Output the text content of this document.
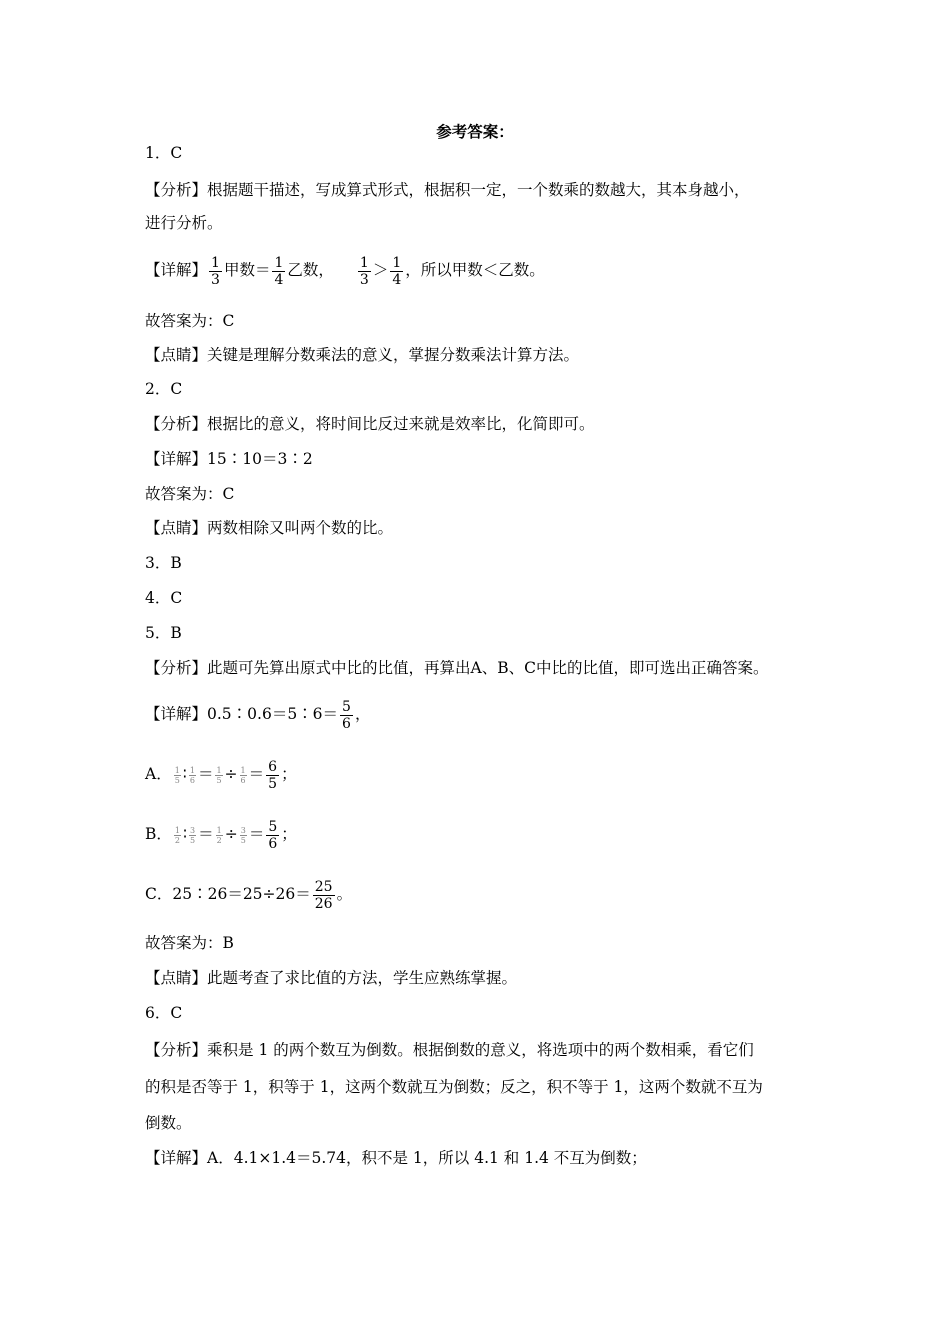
参考答案：
1．C
【分析】根据题干描述，写成算式形式，根据积一定，一个数乘的数越大，其本身越小，
进行分析。
【详解】 $\frac{1}{3}$ 甲数＝ $\frac{1}{4}$ 乙数， $\frac{1}{3} > \frac{1}{4}$ ，所以甲数＜乙数。
故答案为：C
【点睛】关键是理解分数乘法的意义，掌握分数乘法计算方法。
2．C
【分析】根据比的意义，将时间比反过来就是效率比，化简即可。
【详解】15∶10＝3∶2
故答案为：C
【点睛】两数相除又叫两个数的比。
3．B
4．C
5．B
【分析】此题可先算出原式中比的比值，再算出A、B、C中比的比值，即可选出正确答案。
【详解】0.5∶0.6＝5∶6＝ $\frac{5}{6}$ ，
A． $\frac{1}{5}$ ∶ $\frac{1}{6} = \frac{1}{5} \div \frac{1}{6} = \frac{6}{5}$ ；
B． $\frac{1}{2}$ ∶ $\frac{3}{5} = \frac{1}{2} \div \frac{3}{5} = \frac{5}{6}$ ；
C．25∶26＝25÷26＝ $\frac{25}{26}$ 。
故答案为：B
【点睛】此题考查了求比值的方法，学生应熟练掌握。
6．C
【分析】乘积是 1 的两个数互为倒数。根据倒数的意义，将选项中的两个数相乘，看它们
的积是否等于 1，积等于 1，这两个数就互为倒数；反之，积不等于 1，这两个数就不互为
倒数。
【详解】A．4.1×1.4＝5.74，积不是 1，所以 4.1 和 1.4 不互为倒数；
